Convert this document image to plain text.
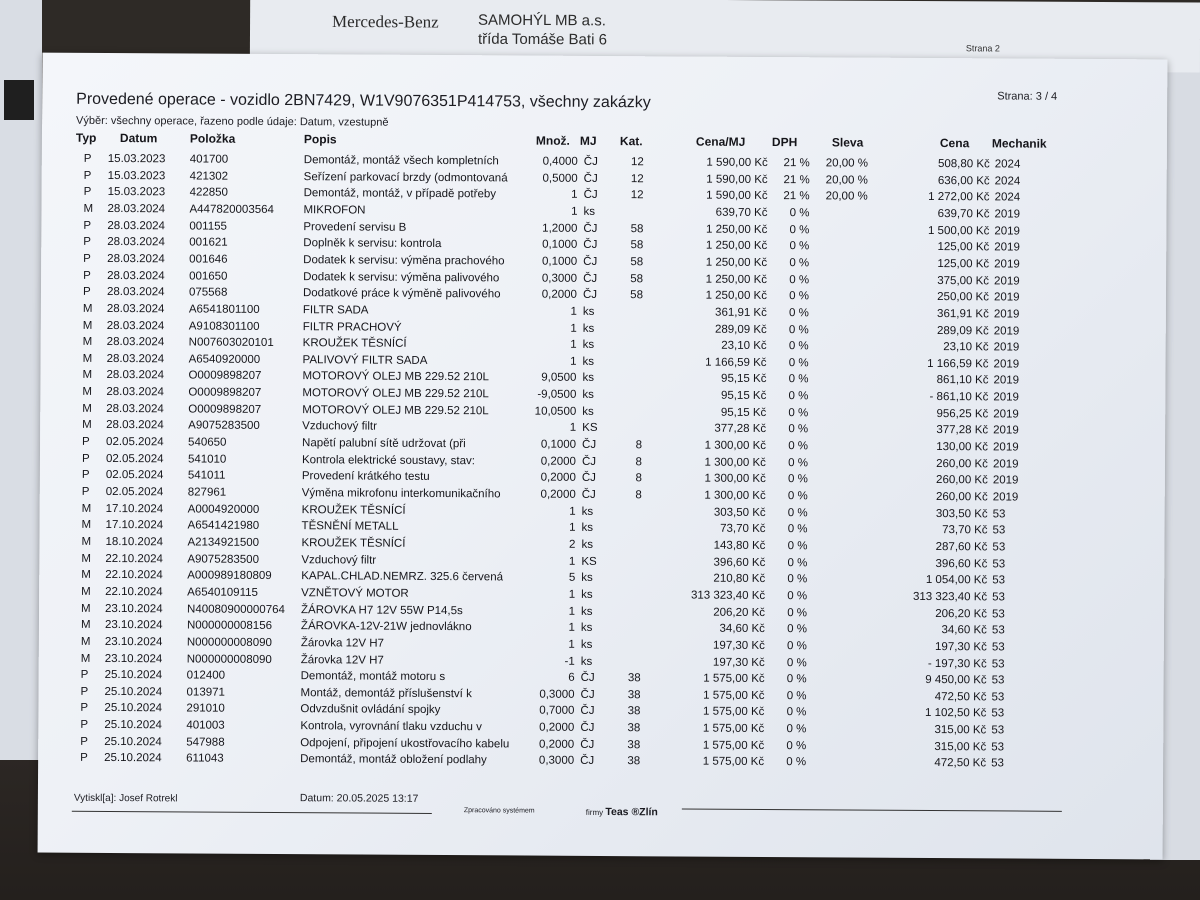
Mercedes-Benz	SAMOHÝL MB a.s.
třída Tomáše Bati 6	Strana 2
Provedené operace - vozidlo 2BN7429, W1V9076351P414753, všechny zakázky	Strana: 3 / 4
Výběr: všechny operace, řazeno podle údaje: Datum, vzestupně
Typ Datum	Položka	Popis	Množ. MJ Kat.	Cena/MJ DPH	Sleva	Cena Mechanik
P 15.03.2023 401700	Demontáž, montáž všech kompletních	0,4000 ČJ	12	1 590,00 Kč	21 % 20,00 %	508,80 Kč 2024
P 15.03.2023 421302	Seřízení parkovací brzdy (odmontovaná	0,5000 ČJ	12	1 590,00 Kč	21 % 20,00 %	636,00 Kč 2024
P 15.03.2023 422850	Demontáž, montáž, v případě potřeby	1 ČJ	12	1 590,00 Kč	21 % 20,00 %	1 272,00 Kč 2024
M 28.03.2024 A447820003564	MIKROFON	1 ks	639,70 Kč	0 %	639,70 Kč 2019
P 28.03.2024 001155	Provedení servisu B	1,2000 ČJ	58	1 250,00 Kč	0 %	1 500,00 Kč 2019
P 28.03.2024 001621	Doplněk k servisu: kontrola	0,1000 ČJ	58	1 250,00 Kč	0 %	125,00 Kč 2019
P 28.03.2024 001646	Dodatek k servisu: výměna prachového	0,1000 ČJ	58	1 250,00 Kč	0 %	125,00 Kč 2019
P 28.03.2024 001650	Dodatek k servisu: výměna palivového	0,3000 ČJ	58	1 250,00 Kč	0 %	375,00 Kč 2019
P 28.03.2024 075568	Dodatkové práce k výměně palivového	0,2000 ČJ	58	1 250,00 Kč	0 %	250,00 Kč 2019
M 28.03.2024 A6541801100	FILTR SADA	1 ks	361,91 Kč	0 %	361,91 Kč 2019
M 28.03.2024 A9108301100	FILTR PRACHOVÝ	1 ks	289,09 Kč	0 %	289,09 Kč 2019
M 28.03.2024 N007603020101	KROUŽEK TĚSNÍCÍ	1 ks	23,10 Kč	0 %	23,10 Kč 2019
M 28.03.2024 A6540920000	PALIVOVÝ FILTR SADA	1 ks	1 166,59 Kč	0 %	1 166,59 Kč 2019
M 28.03.2024 O0009898207	MOTOROVÝ OLEJ MB 229.52 210L	9,0500 ks	95,15 Kč	0 %	861,10 Kč 2019
M 28.03.2024 O0009898207	MOTOROVÝ OLEJ MB 229.52 210L	-9,0500 ks	95,15 Kč	0 %	- 861,10 Kč 2019
M 28.03.2024 O0009898207	MOTOROVÝ OLEJ MB 229.52 210L	10,0500 ks	95,15 Kč	0 %	956,25 Kč 2019
M 28.03.2024 A9075283500	Vzduchový filtr	1 KS	377,28 Kč	0 %	377,28 Kč 2019
P 02.05.2024 540650	Napětí palubní sítě udržovat (při	0,1000 ČJ	8	1 300,00 Kč	0 %	130,00 Kč 2019
P 02.05.2024 541010	Kontrola elektrické soustavy, stav:	0,2000 ČJ	8	1 300,00 Kč	0 %	260,00 Kč 2019
P 02.05.2024 541011	Provedení krátkého testu	0,2000 ČJ	8	1 300,00 Kč	0 %	260,00 Kč 2019
P 02.05.2024 827961	Výměna mikrofonu interkomunikačního	0,2000 ČJ	8	1 300,00 Kč	0 %	260,00 Kč 2019
M 17.10.2024 A0004920000	KROUŽEK TĚSNÍCÍ	1 ks	303,50 Kč	0 %	303,50 Kč 53
M 17.10.2024 A6541421980	TĚSNĚNÍ METALL	1 ks	73,70 Kč	0 %	73,70 Kč 53
M 18.10.2024 A2134921500	KROUŽEK TĚSNÍCÍ	2 ks	143,80 Kč	0 %	287,60 Kč 53
M 22.10.2024 A9075283500	Vzduchový filtr	1 KS	396,60 Kč	0 %	396,60 Kč 53
M 22.10.2024 A000989180809	KAPAL.CHLAD.NEMRZ. 325.6 červená	5 ks	210,80 Kč	0 %	1 054,00 Kč 53
M 22.10.2024 A6540109115	VZNĚTOVÝ MOTOR	1 ks	313 323,40 Kč	0 %	313 323,40 Kč 53
M 23.10.2024 N40080900000764 ŽÁROVKA H7 12V 55W P14,5s	1 ks	206,20 Kč	0 %	206,20 Kč 53
M 23.10.2024 N000000008156	ŽÁROVKA-12V-21W jednovlákno	1 ks	34,60 Kč	0 %	34,60 Kč 53
M 23.10.2024 N000000008090	Žárovka 12V H7	1 ks	197,30 Kč	0 %	197,30 Kč 53
M 23.10.2024 N000000008090	Žárovka 12V H7	-1 ks	197,30 Kč	0 %	- 197,30 Kč 53
P 25.10.2024 012400	Demontáž, montáž motoru s	6 ČJ	38	1 575,00 Kč	0 %	9 450,00 Kč 53
P 25.10.2024 013971	Montáž, demontáž příslušenství k	0,3000 ČJ	38	1 575,00 Kč	0 %	472,50 Kč 53
P 25.10.2024 291010	Odvzdušnit ovládání spojky	0,7000 ČJ	38	1 575,00 Kč	0 %	1 102,50 Kč 53
P 25.10.2024 401003	Kontrola, vyrovnání tlaku vzduchu v	0,2000 ČJ	38	1 575,00 Kč	0 %	315,00 Kč 53
P 25.10.2024 547988	Odpojení, připojení ukostřovacího kabelu	0,2000 ČJ	38	1 575,00 Kč	0 %	315,00 Kč 53
P 25.10.2024 611043	Demontáž, montáž obložení podlahy	0,3000 ČJ	38	1 575,00 Kč	0 %	472,50 Kč 53
Vytiskl[a]: Josef Rotrekl	Datum: 20.05.2025 13:17
Zpracováno systémem	firmy Teas ®Zlín
